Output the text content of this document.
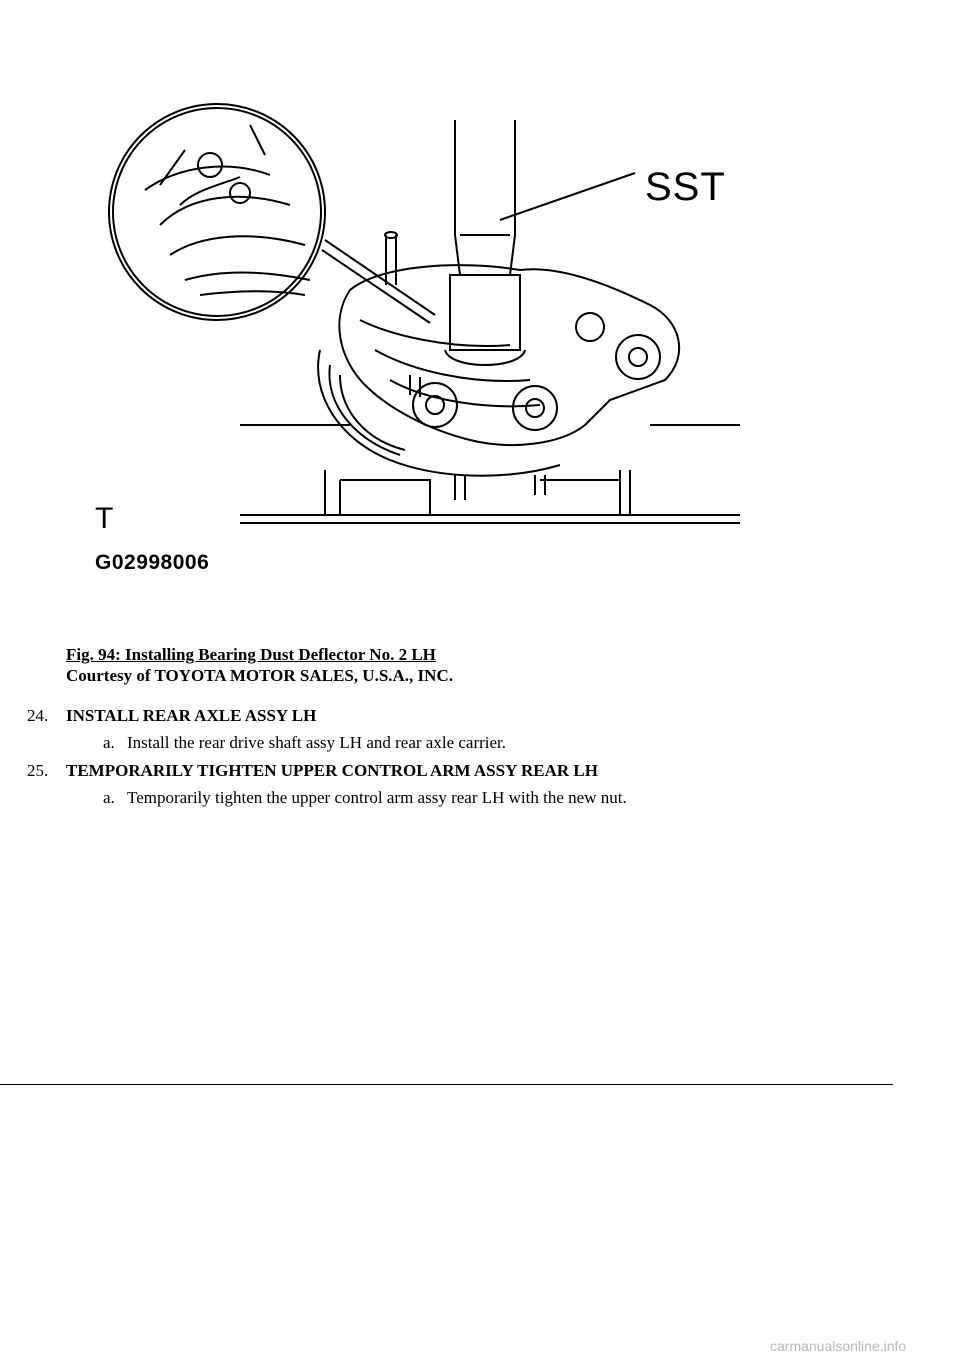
SST
T
G02998006
Fig. 94: Installing Bearing Dust Deflector No. 2 LH
Courtesy of TOYOTA MOTOR SALES, U.S.A., INC.
24. INSTALL REAR AXLE ASSY LH
a. Install the rear drive shaft assy LH and rear axle carrier.
25. TEMPORARILY TIGHTEN UPPER CONTROL ARM ASSY REAR LH
a. Temporarily tighten the upper control arm assy rear LH with the new nut.
carmanualsonline.info
